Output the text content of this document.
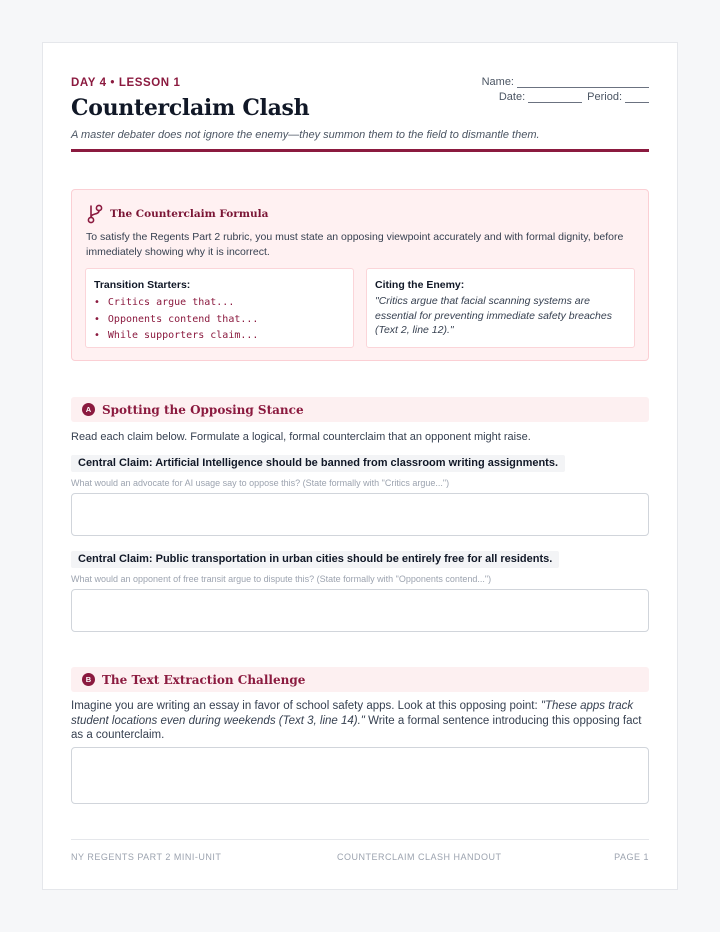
DAY 4 • LESSON 1
Counterclaim Clash
A master debater does not ignore the enemy—they summon them to the field to dismantle them.
Name:
Date:	Period:
The Counterclaim Formula

To satisfy the Regents Part 2 rubric, you must state an opposing viewpoint accurately and with formal dignity, before immediately showing why it is incorrect.

Transition Starters:
• Critics argue that...
• Opponents contend that...
• While supporters claim...
Citing the Enemy:
"Critics argue that facial scanning systems are essential for preventing immediate safety breaches (Text 2, line 12)."
A Spotting the Opposing Stance
Read each claim below. Formulate a logical, formal counterclaim that an opponent might raise.
Central Claim: Artificial Intelligence should be banned from classroom writing assignments.
What would an advocate for AI usage say to oppose this? (State formally with "Critics argue...")
Central Claim: Public transportation in urban cities should be entirely free for all residents.
What would an opponent of free transit argue to dispute this? (State formally with "Opponents contend...")
B The Text Extraction Challenge

Imagine you are writing an essay in favor of school safety apps. Look at this opposing point: "These apps track student locations even during weekends (Text 3, line 14)." Write a formal sentence introducing this opposing fact as a counterclaim.

NY REGENTS PART 2 MINI-UNIT	COUNTERCLAIM CLASH HANDOUT	PAGE 1
